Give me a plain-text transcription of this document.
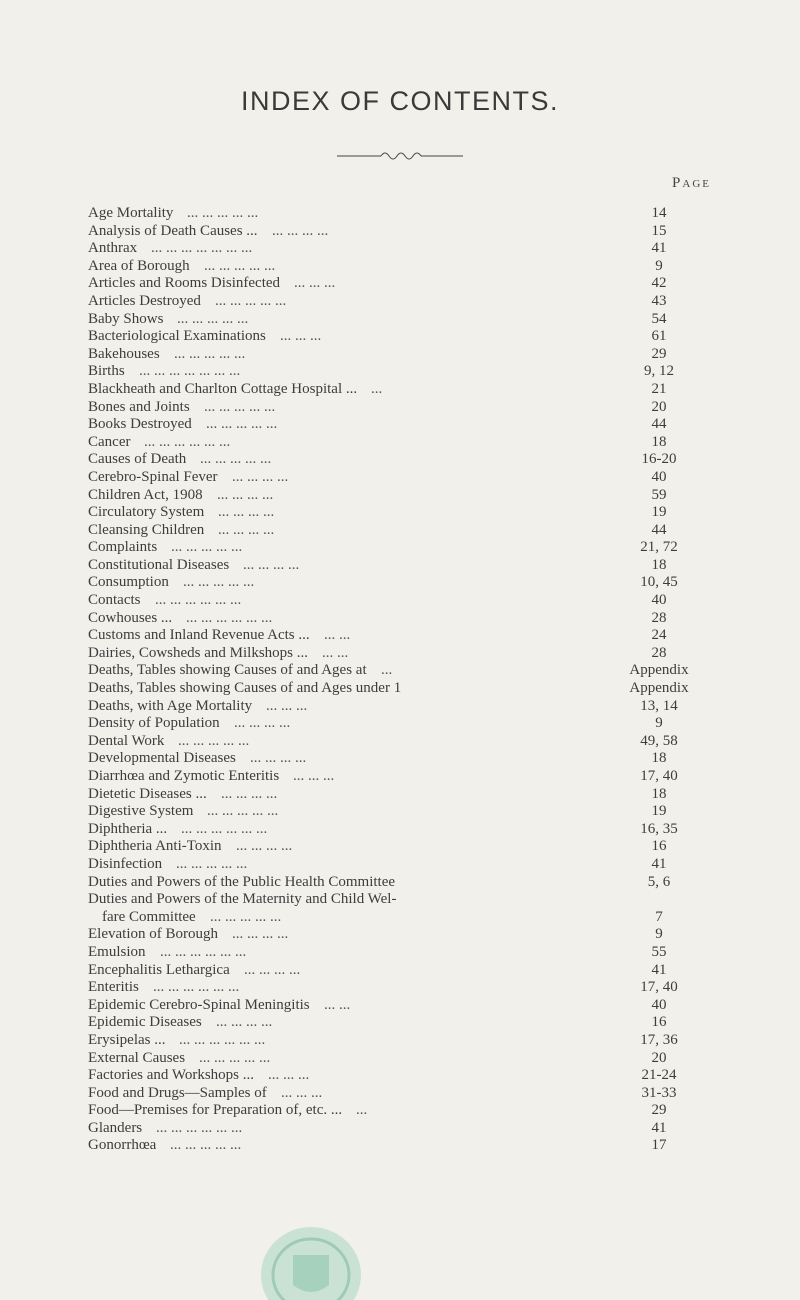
INDEX OF CONTENTS.
Page
Age Mortality ... ... ... ... ...	14
Analysis of Death Causes ... ... ... ... ...	15
Anthrax ... ... ... ... ... ... ...	41
Area of Borough ... ... ... ... ...	9
Articles and Rooms Disinfected ... ... ...	42
Articles Destroyed ... ... ... ... ...	43
Baby Shows ... ... ... ... ...	54
Bacteriological Examinations ... ... ...	61
Bakehouses ... ... ... ... ...	29
Births ... ... ... ... ... ... ...	9, 12
Blackheath and Charlton Cottage Hospital ... ...	21
Bones and Joints ... ... ... ... ...	20
Books Destroyed ... ... ... ... ...	44
Cancer ... ... ... ... ... ...	18
Causes of Death ... ... ... ... ...	16-20
Cerebro-Spinal Fever ... ... ... ...	40
Children Act, 1908 ... ... ... ...	59
Circulatory System ... ... ... ...	19
Cleansing Children ... ... ... ...	44
Complaints ... ... ... ... ...	21, 72
Constitutional Diseases ... ... ... ...	18
Consumption ... ... ... ... ...	10, 45
Contacts ... ... ... ... ... ...	40
Cowhouses ... ... ... ... ... ... ...	28
Customs and Inland Revenue Acts ... ... ...	24
Dairies, Cowsheds and Milkshops ... ... ...	28
Deaths, Tables showing Causes of and Ages at ...	Appendix
Deaths, Tables showing Causes of and Ages under 1	Appendix
Deaths, with Age Mortality ... ... ...	13, 14
Density of Population ... ... ... ...	9
Dental Work ... ... ... ... ...	49, 58
Developmental Diseases ... ... ... ...	18
Diarrhœa and Zymotic Enteritis ... ... ...	17, 40
Dietetic Diseases ... ... ... ... ...	18
Digestive System ... ... ... ... ...	19
Diphtheria ... ... ... ... ... ... ...	16, 35
Diphtheria Anti-Toxin ... ... ... ...	16
Disinfection ... ... ... ... ...	41
Duties and Powers of the Public Health Committee	5, 6
Duties and Powers of the Maternity and Child Wel-
fare Committee ... ... ... ... ...	7
Elevation of Borough ... ... ... ...	9
Emulsion ... ... ... ... ... ...	55
Encephalitis Lethargica ... ... ... ...	41
Enteritis ... ... ... ... ... ...	17, 40
Epidemic Cerebro-Spinal Meningitis ... ...	40
Epidemic Diseases ... ... ... ...	16
Erysipelas ... ... ... ... ... ... ...	17, 36
External Causes ... ... ... ... ...	20
Factories and Workshops ... ... ... ...	21-24
Food and Drugs—Samples of ... ... ...	31-33
Food—Premises for Preparation of, etc. ... ...	29
Glanders ... ... ... ... ... ...	41
Gonorrhœa ... ... ... ... ...	17
